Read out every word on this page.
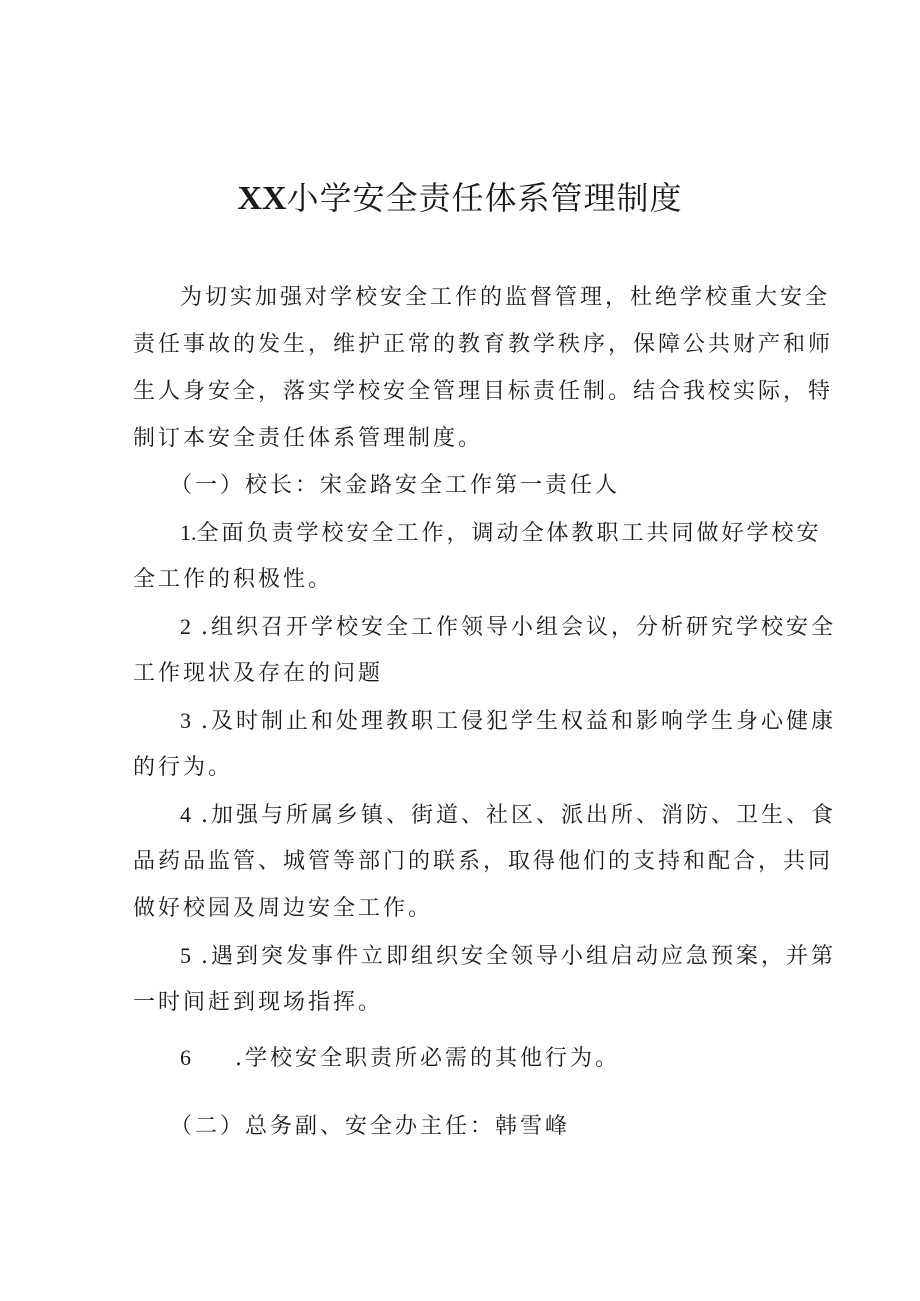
XX小学安全责任体系管理制度
为切实加强对学校安全工作的监督管理，杜绝学校重大安全
责任事故的发生，维护正常的教育教学秩序，保障公共财产和师
生人身安全，落实学校安全管理目标责任制。结合我校实际，特
制订本安全责任体系管理制度。
（一）校长：宋金路安全工作第一责任人
1.全面负责学校安全工作，调动全体教职工共同做好学校安
全工作的积极性。
2 .组织召开学校安全工作领导小组会议，分析研究学校安全
工作现状及存在的问题
3 .及时制止和处理教职工侵犯学生权益和影响学生身心健康
的行为。
4 .加强与所属乡镇、街道、社区、派出所、消防、卫生、食
品药品监管、城管等部门的联系，取得他们的支持和配合，共同
做好校园及周边安全工作。
5 .遇到突发事件立即组织安全领导小组启动应急预案，并第
一时间赶到现场指挥。
6 .学校安全职责所必需的其他行为。
（二）总务副、安全办主任：韩雪峰
